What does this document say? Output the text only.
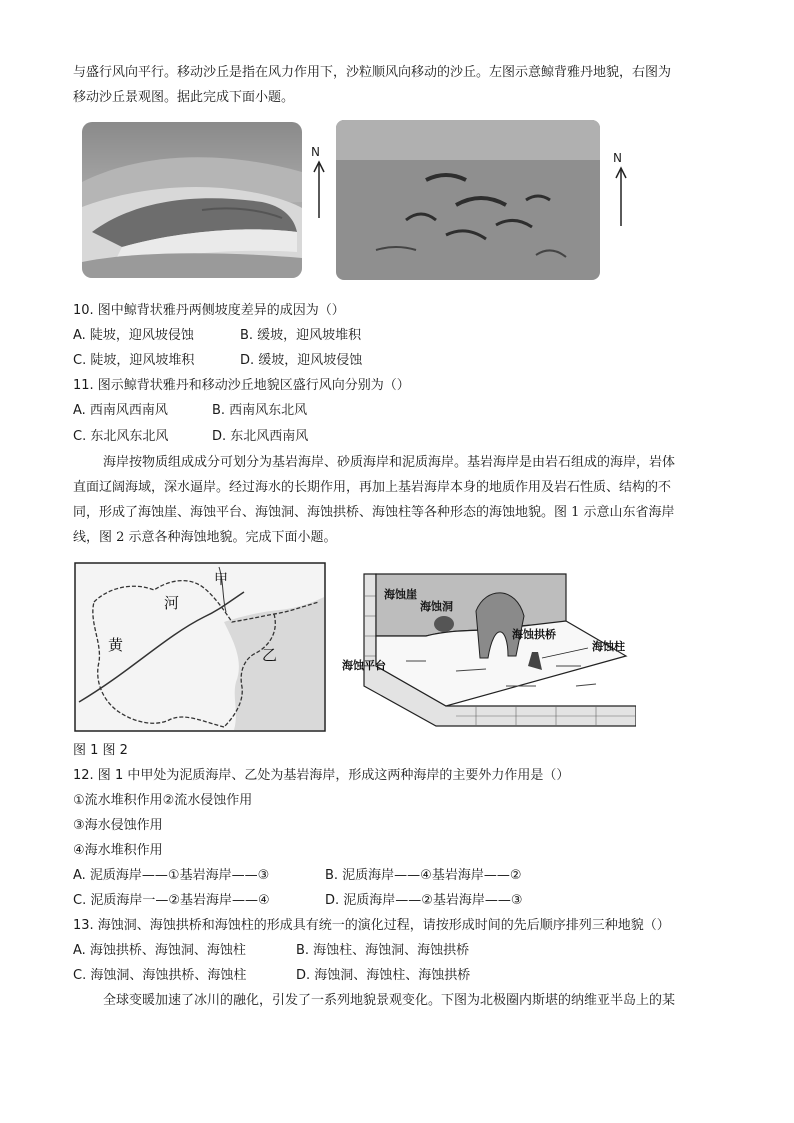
与盛行风向平行。移动沙丘是指在风力作用下，沙粒顺风向移动的沙丘。左图示意鲸背雅丹地貌，右图为
移动沙丘景观图。据此完成下面小题。
N	N
10. 图中鲸背状雅丹两侧坡度差异的成因为（）
A. 陡坡，迎风坡侵蚀	B. 缓坡，迎风坡堆积
C. 陡坡，迎风坡堆积	D. 缓坡，迎风坡侵蚀
11. 图示鲸背状雅丹和移动沙丘地貌区盛行风向分别为（）
A. 西南风西南风	B. 西南风东北风
C. 东北风东北风	D. 东北风西南风
海岸按物质组成成分可划分为基岩海岸、砂质海岸和泥质海岸。基岩海岸是由岩石组成的海岸，岩体
直面辽阔海域，深水逼岸。经过海水的长期作用，再加上基岩海岸本身的地质作用及岩石性质、结构的不
同，形成了海蚀崖、海蚀平台、海蚀洞、海蚀拱桥、海蚀柱等各种形态的海蚀地貌。图 1 示意山东省海岸
线，图 2 示意各种海蚀地貌。完成下面小题。
甲
河
黄
乙
海蚀崖
海蚀洞
海蚀拱桥
海蚀柱
海蚀平台
图 1 图 2
12. 图 1 中甲处为泥质海岸、乙处为基岩海岸，形成这两种海岸的主要外力作用是（）
①流水堆积作用②流水侵蚀作用
③海水侵蚀作用
④海水堆积作用
A. 泥质海岸——①基岩海岸——③	B. 泥质海岸——④基岩海岸——②
C. 泥质海岸一—②基岩海岸——④	D. 泥质海岸——②基岩海岸——③
13. 海蚀洞、海蚀拱桥和海蚀柱的形成具有统一的演化过程，请按形成时间的先后顺序排列三种地貌（）
A. 海蚀拱桥、海蚀洞、海蚀柱	B. 海蚀柱、海蚀洞、海蚀拱桥
C. 海蚀洞、海蚀拱桥、海蚀柱	D. 海蚀洞、海蚀柱、海蚀拱桥
全球变暖加速了冰川的融化，引发了一系列地貌景观变化。下图为北极圈内斯堪的纳维亚半岛上的某
